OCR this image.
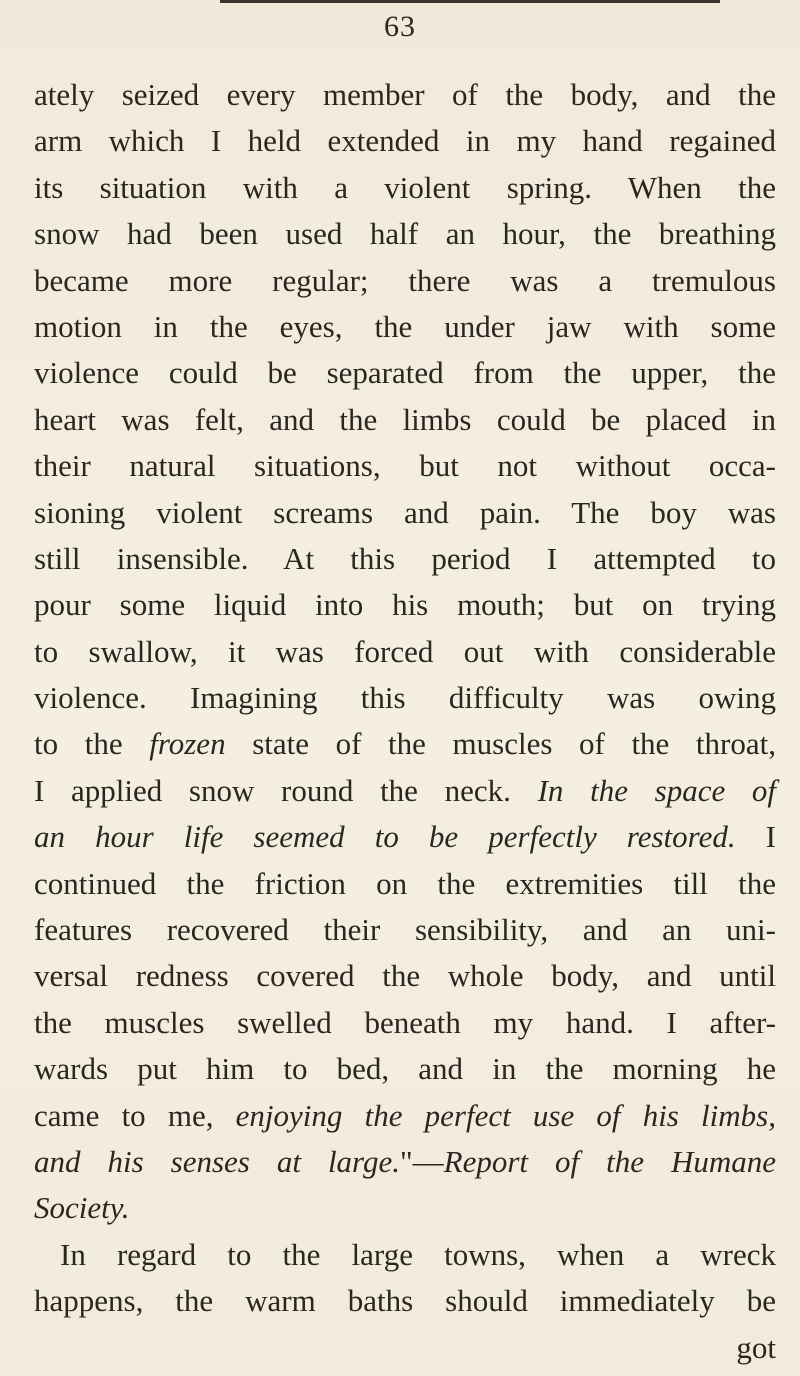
63
ately seized every member of the body, and the
arm which I held extended in my hand regained
its situation with a violent spring. When the
snow had been used half an hour, the breathing
became more regular; there was a tremulous
motion in the eyes, the under jaw with some
violence could be separated from the upper, the
heart was felt, and the limbs could be placed in
their natural situations, but not without occa-
sioning violent screams and pain. The boy was
still insensible. At this period I attempted to
pour some liquid into his mouth; but on trying
to swallow, it was forced out with considerable
violence. Imagining this difficulty was owing
to the frozen state of the muscles of the throat,
I applied snow round the neck. In the space of
an hour life seemed to be perfectly restored. I
continued the friction on the extremities till the
features recovered their sensibility, and an uni-
versal redness covered the whole body, and until
the muscles swelled beneath my hand. I after-
wards put him to bed, and in the morning he
came to me, enjoying the perfect use of his limbs,
and his senses at large."—Report of the Humane
Society.
In regard to the large towns, when a wreck
happens, the warm baths should immediately be
got
